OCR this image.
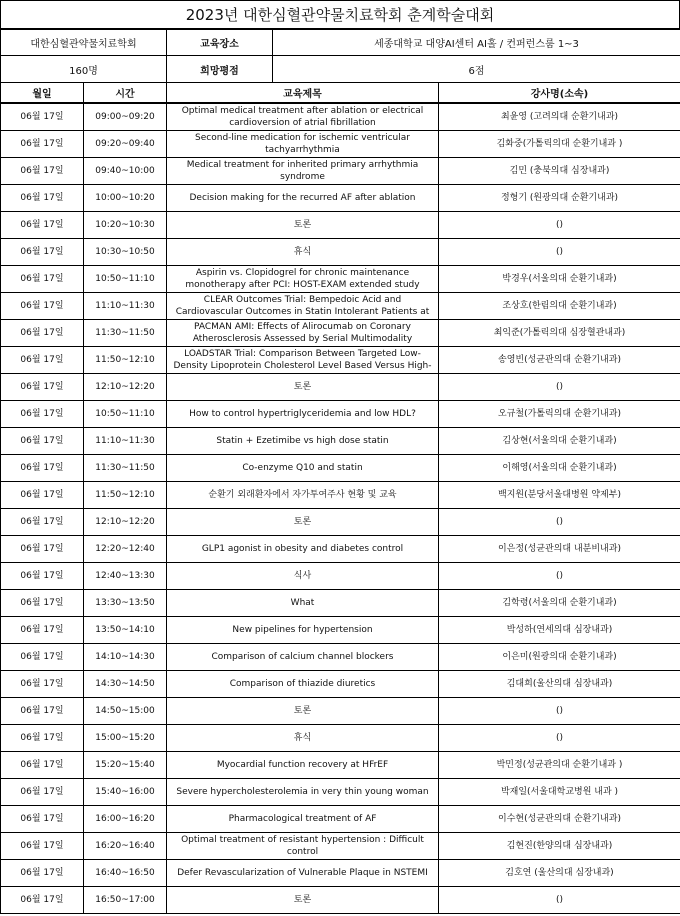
2023년 대한심혈관약물치료학회 춘계학술대회
대한심혈관약물치료학회	교육장소	세종대학교 대양AI센터 AI홀 / 컨퍼런스룸 1~3
160명	희망평점	6점
월일	시간	교육제목	강사명(소속)

06월 17일	09:00~09:20	Optimal medical treatment after ablation or electrical cardioversion of atrial fibrillation	최윤영 (고려의대 순환기내과)

06월 17일	09:20~09:40	Second-line medication for ischemic ventricular tachyarrhythmia	김화중(가톨릭의대 순환기내과 )

06월 17일	09:40~10:00	Medical treatment for inherited primary arrhythmia syndrome	김민 (충북의대 심장내과)

06월 17일	10:00~10:20	Decision making for the recurred AF after ablation	정형기 (원광의대 순환기내과)

06월 17일	10:20~10:30	토론	()

06월 17일	10:30~10:50	휴식	()

06월 17일	10:50~11:10	Aspirin vs. Clopidogrel for chronic maintenance monotherapy after PCI: HOST-EXAM extended study	박경우(서울의대 순환기내과)

06월 17일	11:10~11:30	CLEAR Outcomes Trial: Bempedoic Acid and Cardiovascular Outcomes in Statin Intolerant Patients at	조상호(한림의대 순환기내과)

06월 17일	11:30~11:50	PACMAN AMI: Effects of Alirocumab on Coronary Atherosclerosis Assessed by Serial Multimodality	최익준(가톨릭의대 심장혈관내과)

06월 17일	11:50~12:10	LOADSTAR Trial: Comparison Between Targeted Low-Density Lipoprotein Cholesterol Level Based Versus High-	송영빈(성균관의대 순환기내과)

06월 17일	12:10~12:20	토론	()

06월 17일	10:50~11:10	How to control hypertriglyceridemia and low HDL?	오규철(가톨릭의대 순환기내과)

06월 17일	11:10~11:30	Statin + Ezetimibe vs high dose statin	김상현(서울의대 순환기내과)

06월 17일	11:30~11:50	Co-enzyme Q10 and statin	이해영(서울의대 순환기내과)

06월 17일	11:50~12:10	순환기 외래환자에서 자가투여주사 현황 및 교육	백지원(분당서울대병원 약제부)

06월 17일	12:10~12:20	토론	()

06월 17일	12:20~12:40	GLP1 agonist in obesity and diabetes control	이은정(성균관의대 내분비내과)

06월 17일	12:40~13:30	식사	()

06월 17일	13:30~13:50	What	김학령(서울의대 순환기내과)

06월 17일	13:50~14:10	New pipelines for hypertension	박성하(연세의대 심장내과)

06월 17일	14:10~14:30	Comparison of calcium channel blockers	이은미(원광의대 순환기내과)

06월 17일	14:30~14:50	Comparison of thiazide diuretics	김대희(울산의대 심장내과)

06월 17일	14:50~15:00	토론	()

06월 17일	15:00~15:20	휴식	()

06월 17일	15:20~15:40	Myocardial function recovery at HFrEF	박민정(성균관의대 순환기내과 )

06월 17일	15:40~16:00	Severe hypercholesterolemia in very thin young woman	박재일(서울대학교병원 내과 )

06월 17일	16:00~16:20	Pharmacological treatment of AF	이수현(성균관의대 순환기내과)

06월 17일	16:20~16:40	Optimal treatment of resistant hypertension : Difficult control	김현진(한양의대 심장내과)

06월 17일	16:40~16:50	Defer Revascularization of Vulnerable Plaque in NSTEMI	김호연 (울산의대 심장내과)

06월 17일	16:50~17:00	토론	()
